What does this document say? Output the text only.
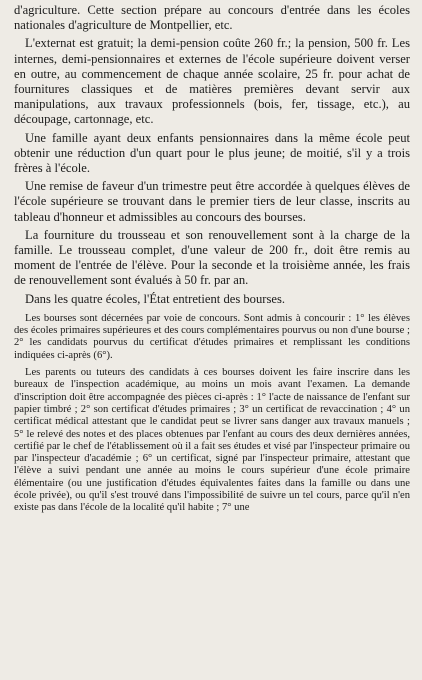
d'agriculture. Cette section prépare au concours d'entrée dans les écoles nationales d'agriculture de Montpellier, etc.

L'externat est gratuit; la demi-pension coûte 260 fr.; la pension, 500 fr. Les internes, demi-pensionnaires et externes de l'école supérieure doivent verser en outre, au commencement de chaque année scolaire, 25 fr. pour achat de fournitures classiques et de matières premières devant servir aux manipulations, aux travaux professionnels (bois, fer, tissage, etc.), au découpage, cartonnage, etc.

Une famille ayant deux enfants pensionnaires dans la même école peut obtenir une réduction d'un quart pour le plus jeune; de moitié, s'il y a trois frères à l'école.

Une remise de faveur d'un trimestre peut être accordée à quelques élèves de l'école supérieure se trouvant dans le premier tiers de leur classe, inscrits au tableau d'honneur et admissibles au concours des bourses.

La fourniture du trousseau et son renouvellement sont à la charge de la famille. Le trousseau complet, d'une valeur de 200 fr., doit être remis au moment de l'entrée de l'élève. Pour la seconde et la troisième année, les frais de renouvellement sont évalués à 50 fr. par an.

Dans les quatre écoles, l'État entretient des bourses.

Les bourses sont décernées par voie de concours. Sont admis à concourir : 1° les élèves des écoles primaires supérieures et des cours complémentaires pourvus ou non d'une bourse ; 2° les candidats pourvus du certificat d'études primaires et remplissant les conditions indiquées ci-après (6°).

Les parents ou tuteurs des candidats à ces bourses doivent les faire inscrire dans les bureaux de l'inspection académique, au moins un mois avant l'examen. La demande d'inscription doit être accompagnée des pièces ci-après : 1° l'acte de naissance de l'enfant sur papier timbré ; 2° son certificat d'études primaires ; 3° un certificat de revaccination ; 4° un certificat médical attestant que le candidat peut se livrer sans danger aux travaux manuels ; 5° le relevé des notes et des places obtenues par l'enfant au cours des deux dernières années, certifié par le chef de l'établissement où il a fait ses études et visé par l'inspecteur primaire ou par l'inspecteur d'académie ; 6° un certificat, signé par l'inspecteur primaire, attestant que l'élève a suivi pendant une année au moins le cours supérieur d'une école primaire élémentaire (ou une justification d'études équivalentes faites dans la famille ou dans une école privée), ou qu'il s'est trouvé dans l'impossibilité de suivre un tel cours, parce qu'il n'en existe pas dans l'école de la localité qu'il habite ; 7° une
